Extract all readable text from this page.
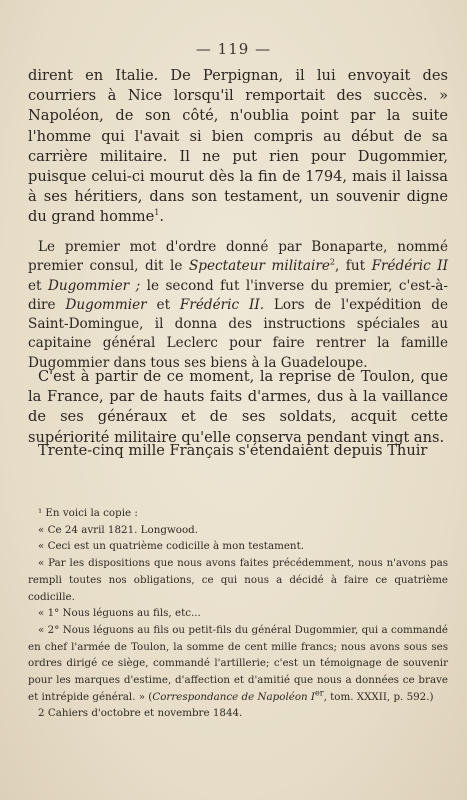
— 119 —

dirent en Italie. De Perpignan, il lui envoyait des courriers à Nice lorsqu'il remportait des succès. » Napoléon, de son côté, n'oublia point par la suite l'homme qui l'avait si bien compris au début de sa carrière militaire. Il ne put rien pour Dugommier, puisque celui-ci mourut dès la fin de 1794, mais il laissa à ses héritiers, dans son testament, un souvenir digne du grand homme$^1$.

Le premier mot d'ordre donné par Bonaparte, nommé premier consul, dit le Spectateur militaire$^2$, fut Frédéric II et Dugommier ; le second fut l'inverse du premier, c'est-à-dire Dugommier et Frédéric II. Lors de l'expédition de Saint-Domingue, il donna des instructions spéciales au capitaine général Leclerc pour faire rentrer la famille Dugommier dans tous ses biens à la Guadeloupe.

C'est à partir de ce moment, la reprise de Toulon, que la France, par de hauts faits d'armes, dus à la vaillance de ses généraux et de ses soldats, acquit cette supériorité militaire qu'elle conserva pendant vingt ans.

Trente-cinq mille Français s'étendaient depuis Thuir

¹ En voici la copie :

« Ce 24 avril 1821. Longwood.

« Ceci est un quatrième codicille à mon testament.

« Par les dispositions que nous avons faites précédemment, nous n'avons pas rempli toutes nos obligations, ce qui nous a décidé à faire ce quatrième codicille.

« 1° Nous léguons au fils, etc...

« 2° Nous léguons au fils ou petit-fils du général Dugommier, qui a commandé en chef l'armée de Toulon, la somme de cent mille francs; nous avons sous ses ordres dirigé ce siège, commandé l'artillerie; c'est un témoignage de souvenir pour les marques d'estime, d'affection et d'amitié que nous a données ce brave et intrépide général. » (Correspondance de Napoléon Ier, tom. XXXII, p. 592.)

2 Cahiers d'octobre et novembre 1844.
